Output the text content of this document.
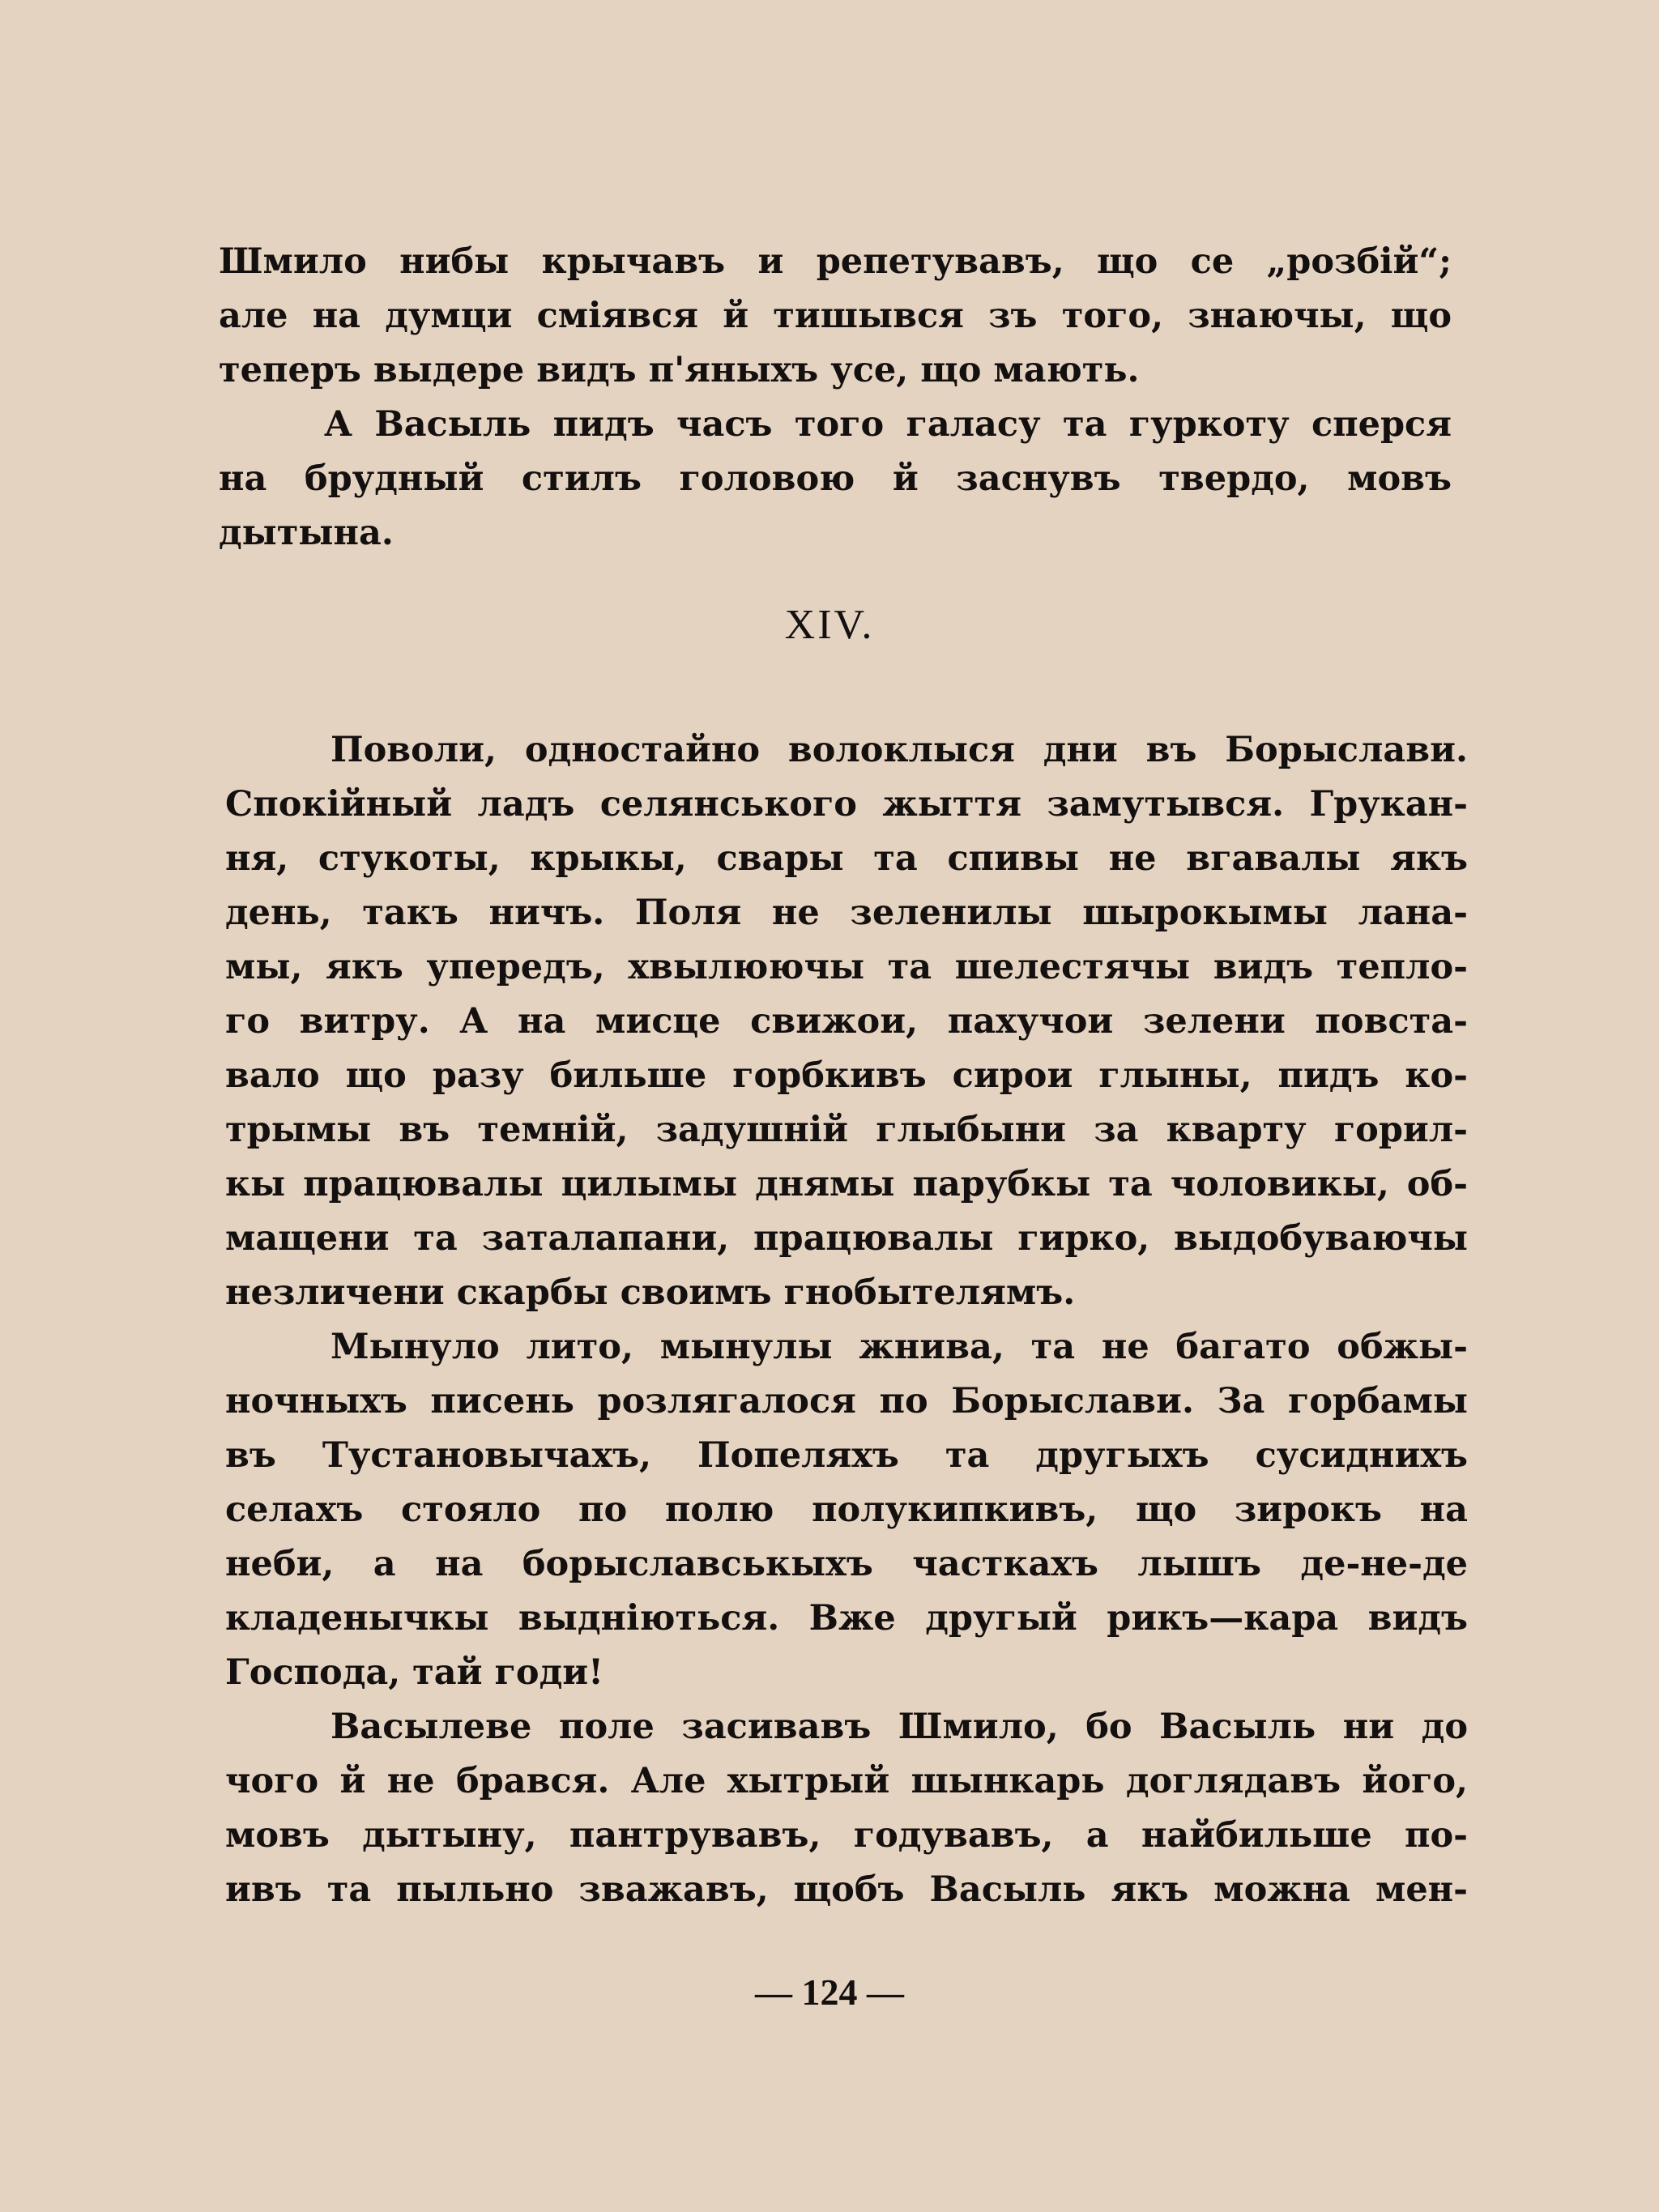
Шмило нибы крычавъ и репетувавъ, що се „розбій“;
але на думци сміявся й тишывся зъ того, знаючы, що
теперъ выдере видъ п'яныхъ усе, що мають.
А Васыль пидъ часъ того галасу та гуркоту сперся
на брудный стилъ головою й заснувъ твердо, мовъ
дытына.
XIV.
Поволи, одностайно волоклыся дни въ Борыслави.
Спокійный ладъ селянського жыття замутывся. Грукан-
ня, стукоты, крыкы, свары та спивы не вгавалы якъ
день, такъ ничъ. Поля не зеленилы шырокымы лана-
мы, якъ упередъ, хвылюючы та шелестячы видъ тепло-
го витру. А на мисце свижои, пахучои зелени повста-
вало що разу бильше горбкивъ сирои глыны, пидъ ко-
трымы въ темній, задушній глыбыни за кварту горил-
кы працювалы цилымы днямы парубкы та чоловикы, об-
мащени та заталапани, працювалы гирко, выдобуваючы
незличени скарбы своимъ гнобытелямъ.
Мынуло лито, мынулы жнива, та не багато обжы-
ночныхъ писень розлягалося по Борыслави. За горбамы
въ Тустановычахъ, Попеляхъ та другыхъ сусиднихъ
селахъ стояло по полю полукипкивъ, що зирокъ на
неби, а на борыславськыхъ часткахъ лышъ де-не-де
кладенычкы выдніються. Вже другый рикъ—кара видъ
Господа, тай годи!
Васылеве поле засивавъ Шмило, бо Васыль ни до
чого й не брався. Але хытрый шынкарь доглядавъ його,
мовъ дытыну, пантрувавъ, годувавъ, а найбильше по-
ивъ та пыльно зважавъ, щобъ Васыль якъ можна мен-
— 124 —
